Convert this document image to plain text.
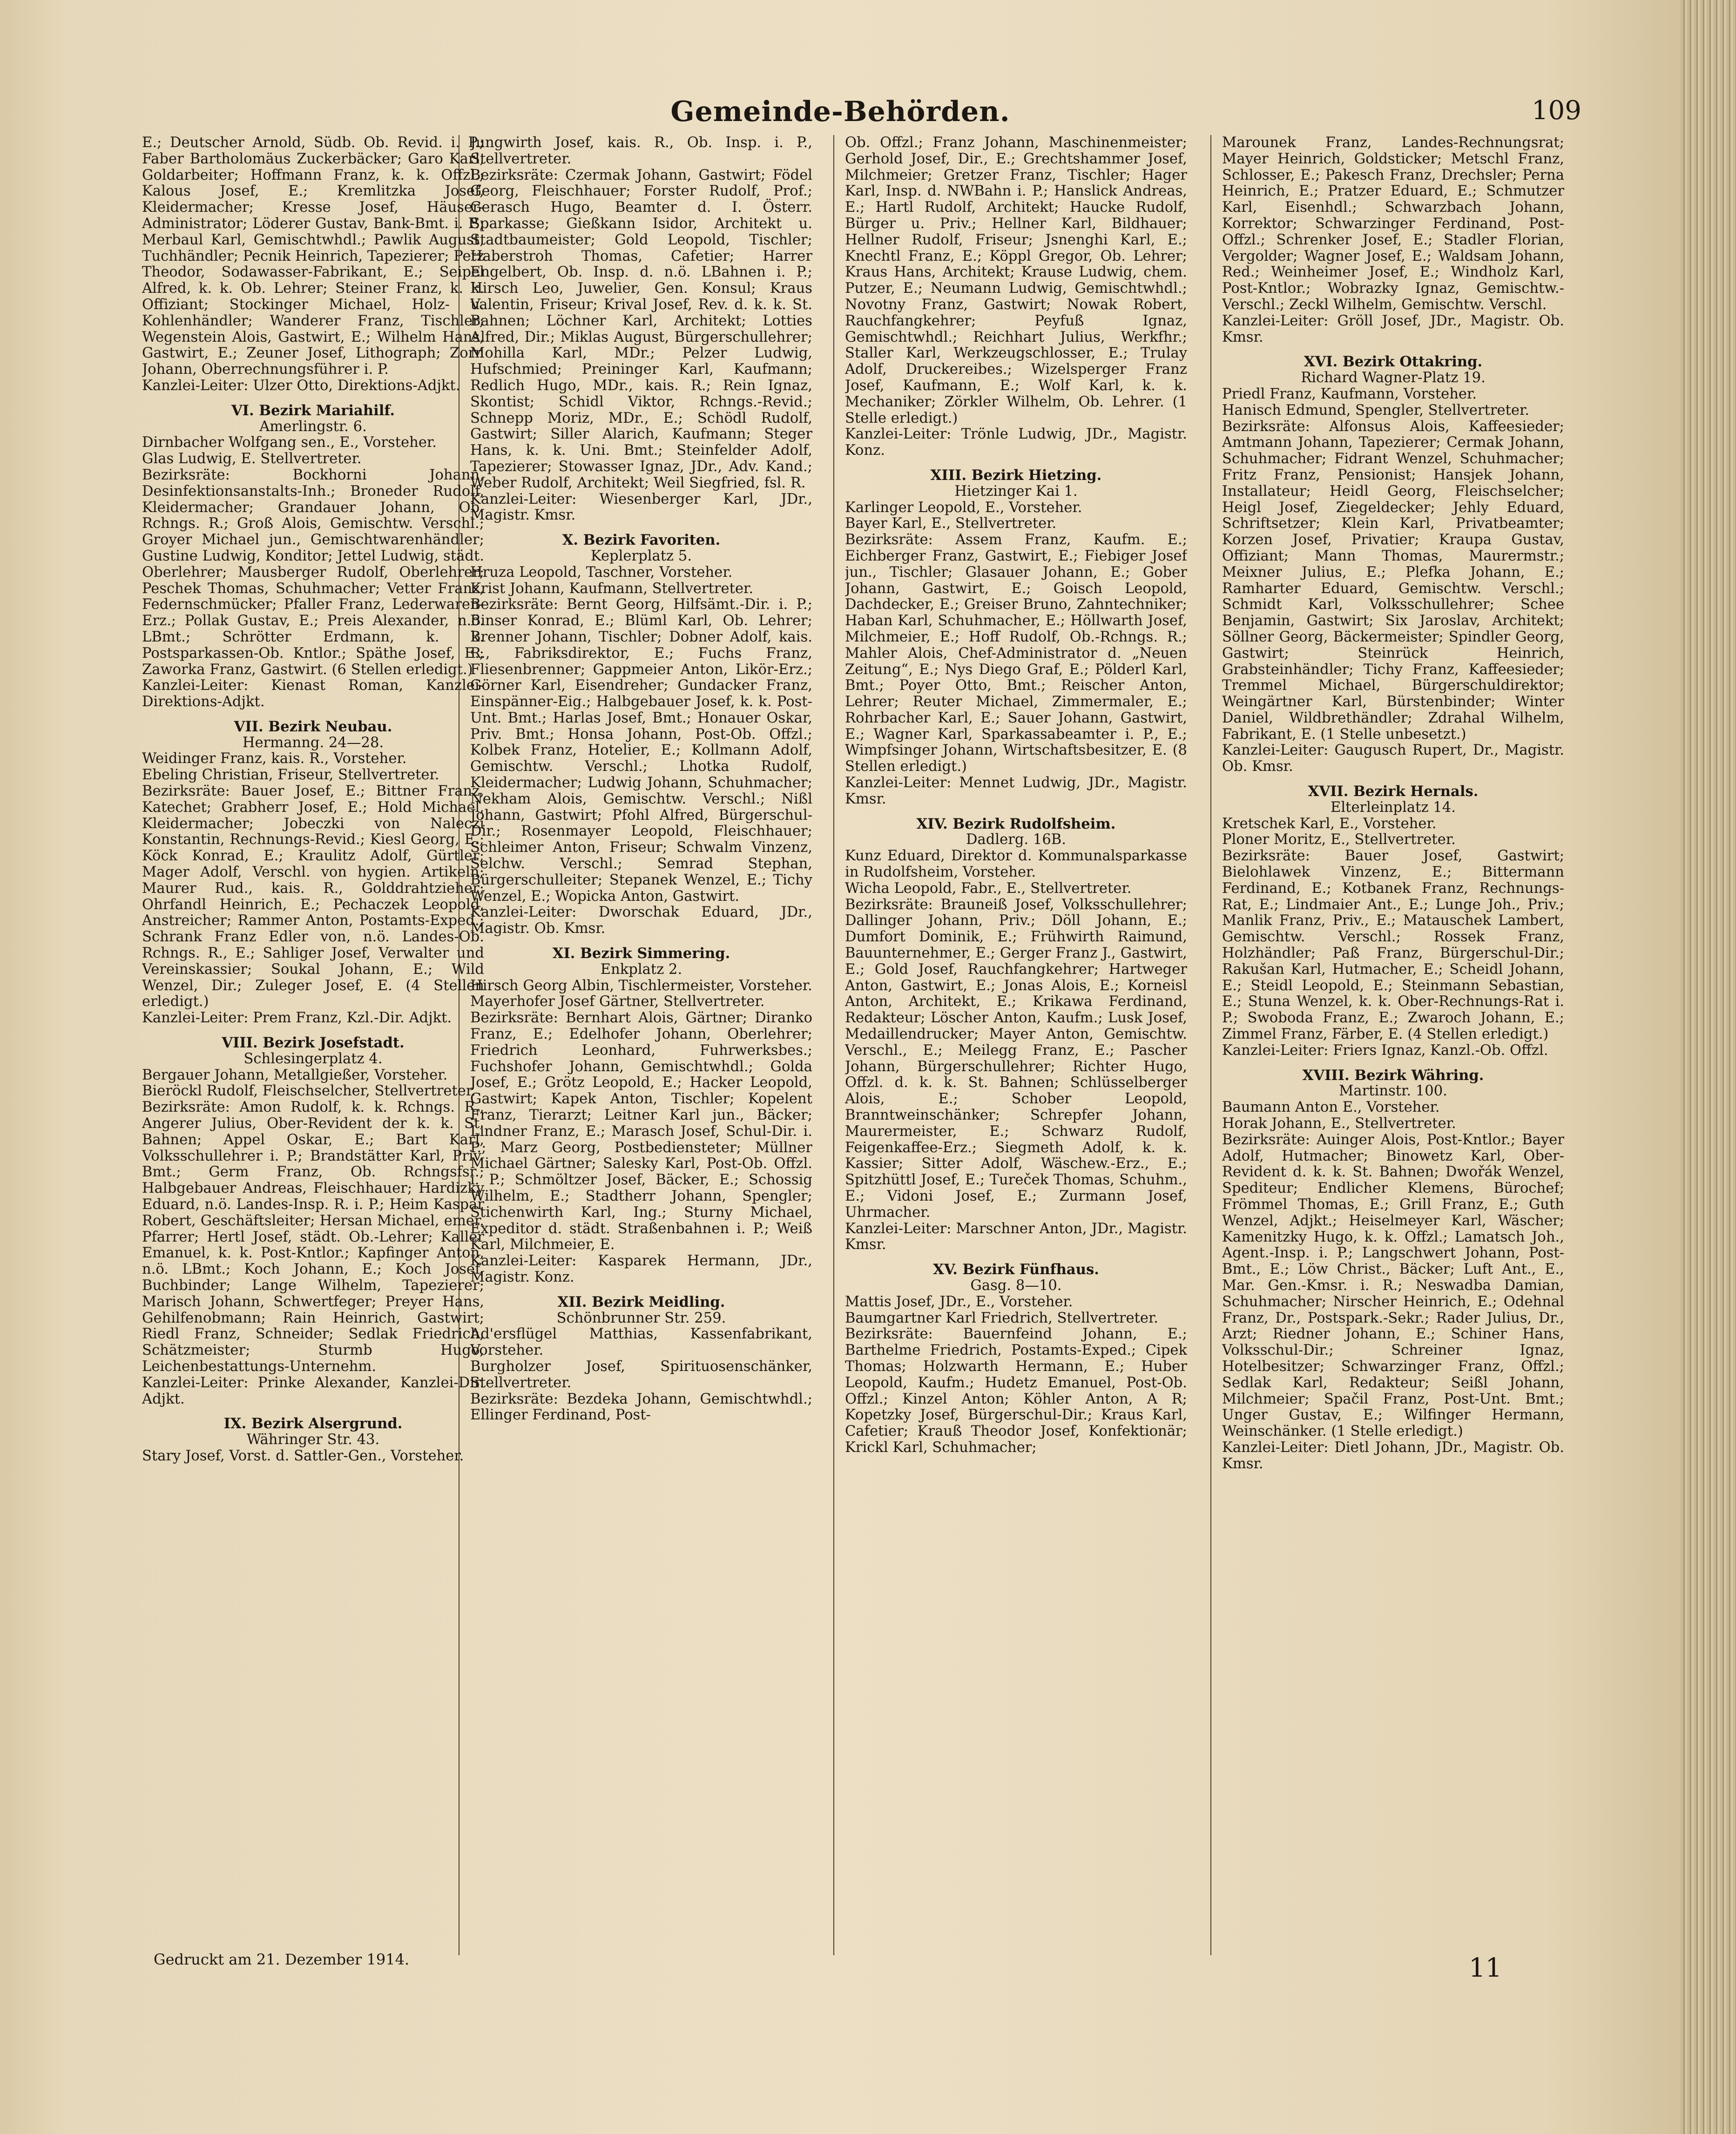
Gemeinde-Behörden.	109
E.; Deutscher Arnold, Südb. Ob. Revid. i. P.; Faber Bartholomäus Zuckerbäcker; Garo Karl, Goldarbeiter; Hoffmann Franz, k. k. Offzl.; Kalous Josef, E.; Kremlitzka Josef, Kleidermacher; Kresse Josef, Häuser-Administrator; Löderer Gustav, Bank-Bmt. i. P.; Merbaul Karl, Gemischtwhdl.; Pawlik August, Tuchhändler; Pecnik Heinrich, Tapezierer; Petz Theodor, Sodawasser-Fabrikant, E.; Seipel Alfred, k. k. Ob. Lehrer; Steiner Franz, k. k. Offiziant; Stockinger Michael, Holz- u. Kohlenhändler; Wanderer Franz, Tischler; Wegenstein Alois, Gastwirt, E.; Wilhelm Hans, Gastwirt, E.; Zeuner Josef, Lithograph; Zorn Johann, Oberrechnungsführer i. P.
Kanzlei-Leiter: Ulzer Otto, Direktions-Adjkt.
VI. Bezirk Mariahilf.
Amerlingstr. 6.
Dirnbacher Wolfgang sen., E., Vorsteher.
Glas Ludwig, E. Stellvertreter.
Bezirksräte: Bockhorni Johann, Desinfektionsanstalts-Inh.; Broneder Rudolf, Kleidermacher; Grandauer Johann, Ob. Rchngs. R.; Groß Alois, Gemischtw. Verschl.; Groyer Michael jun., Gemischtwarenhändler; Gustine Ludwig, Konditor; Jettel Ludwig, städt. Oberlehrer; Mausberger Rudolf, Oberlehrer; Peschek Thomas, Schuhmacher; Vetter Franz, Federnschmücker; Pfaller Franz, Lederwaren-Erz.; Pollak Gustav, E.; Preis Alexander, n.ö. LBmt.; Schrötter Erdmann, k. k. Postsparkassen-Ob. Kntlor.; Späthe Josef, E.; Zaworka Franz, Gastwirt. (6 Stellen erledigt.)
Kanzlei-Leiter: Kienast Roman, Kanzlei-Direktions-Adjkt.
VII. Bezirk Neubau.
Hermanng. 24—28.
Weidinger Franz, kais. R., Vorsteher.
Ebeling Christian, Friseur, Stellvertreter.
Bezirksräte: Bauer Josef, E.; Bittner Franz, Katechet; Grabherr Josef, E.; Hold Michael, Kleidermacher; Jobeczki von Naleczi Konstantin, Rechnungs-Revid.; Kiesl Georg, E.; Köck Konrad, E.; Kraulitz Adolf, Gürtler; Mager Adolf, Verschl. von hygien. Artikeln; Maurer Rud., kais. R., Golddrahtzieher; Ohrfandl Heinrich, E.; Pechaczek Leopold, Anstreicher; Rammer Anton, Postamts-Exped.; Schrank Franz Edler von, n.ö. Landes-Ob. Rchngs. R., E.; Sahliger Josef, Verwalter und Vereinskassier; Soukal Johann, E.; Wild Wenzel, Dir.; Zuleger Josef, E. (4 Stellen erledigt.)
Kanzlei-Leiter: Prem Franz, Kzl.-Dir. Adjkt.
VIII. Bezirk Josefstadt.
Schlesingerplatz 4.
Bergauer Johann, Metallgießer, Vorsteher.
Bieröckl Rudolf, Fleischselcher, Stellvertreter.
Bezirksräte: Amon Rudolf, k. k. Rchngs. R., Angerer Julius, Ober-Revident der k. k. St. Bahnen; Appel Oskar, E.; Bart Karl, Volksschullehrer i. P.; Brandstätter Karl, Priv. Bmt.; Germ Franz, Ob. Rchngsfsr.; Halbgebauer Andreas, Fleischhauer; Hardizky Eduard, n.ö. Landes-Insp. R. i. P.; Heim Kaspar Robert, Geschäftsleiter; Hersan Michael, emer. Pfarrer; Hertl Josef, städt. Ob.-Lehrer; Kaller Emanuel, k. k. Post-Kntlor.; Kapfinger Anton, n.ö. LBmt.; Koch Johann, E.; Koch Josef, Buchbinder; Lange Wilhelm, Tapezierer; Marisch Johann, Schwertfeger; Preyer Hans, Gehilfenobmann; Rain Heinrich, Gastwirt; Riedl Franz, Schneider; Sedlak Friedrich, Schätzmeister; Sturmb Hugo, Leichenbestattungs-Unternehm.
Kanzlei-Leiter: Prinke Alexander, Kanzlei-Dir. Adjkt.
IX. Bezirk Alsergrund.
Währinger Str. 43.
Stary Josef, Vorst. d. Sattler-Gen., Vorsteher.
Jungwirth Josef, kais. R., Ob. Insp. i. P., Stellvertreter.
Bezirksräte: Czermak Johann, Gastwirt; Födel Georg, Fleischhauer; Forster Rudolf, Prof.; Gerasch Hugo, Beamter d. I. Österr. Sparkasse; Gießkann Isidor, Architekt u. Stadtbaumeister; Gold Leopold, Tischler; Haberstroh Thomas, Cafetier; Harrer Engelbert, Ob. Insp. d. n.ö. LBahnen i. P.; Hirsch Leo, Juwelier, Gen. Konsul; Kraus Valentin, Friseur; Krival Josef, Rev. d. k. k. St. Bahnen; Löchner Karl, Architekt; Lotties Alfred, Dir.; Miklas August, Bürgerschullehrer; Mohilla Karl, MDr.; Pelzer Ludwig, Hufschmied; Preininger Karl, Kaufmann; Redlich Hugo, MDr., kais. R.; Rein Ignaz, Skontist; Schidl Viktor, Rchngs.-Revid.; Schnepp Moriz, MDr., E.; Schödl Rudolf, Gastwirt; Siller Alarich, Kaufmann; Steger Hans, k. k. Uni. Bmt.; Steinfelder Adolf, Tapezierer; Stowasser Ignaz, JDr., Adv. Kand.; Weber Rudolf, Architekt; Weil Siegfried, fsl. R.
Kanzlei-Leiter: Wiesenberger Karl, JDr., Magistr. Kmsr.
X. Bezirk Favoriten.
Keplerplatz 5.
Hruza Leopold, Taschner, Vorsteher.
Krist Johann, Kaufmann, Stellvertreter.
Bezirksräte: Bernt Georg, Hilfsämt.-Dir. i. P.; Binser Konrad, E.; Blüml Karl, Ob. Lehrer; Brenner Johann, Tischler; Dobner Adolf, kais. R., Fabriksdirektor, E.; Fuchs Franz, Fliesenbrenner; Gappmeier Anton, Likör-Erz.; Görner Karl, Eisendreher; Gundacker Franz, Einspänner-Eig.; Halbgebauer Josef, k. k. Post-Unt. Bmt.; Harlas Josef, Bmt.; Honauer Oskar, Priv. Bmt.; Honsa Johann, Post-Ob. Offzl.; Kolbek Franz, Hotelier, E.; Kollmann Adolf, Gemischtw. Verschl.; Lhotka Rudolf, Kleidermacher; Ludwig Johann, Schuhmacher; Nekham Alois, Gemischtw. Verschl.; Nißl Johann, Gastwirt; Pfohl Alfred, Bürgerschul-Dir.; Rosenmayer Leopold, Fleischhauer; Schleimer Anton, Friseur; Schwalm Vinzenz, Selchw. Verschl.; Semrad Stephan, Bürgerschulleiter; Stepanek Wenzel, E.; Tichy Wenzel, E.; Wopicka Anton, Gastwirt.
Kanzlei-Leiter: Dworschak Eduard, JDr., Magistr. Ob. Kmsr.
XI. Bezirk Simmering.
Enkplatz 2.
Hirsch Georg Albin, Tischlermeister, Vorsteher.
Mayerhofer Josef Gärtner, Stellvertreter.
Bezirksräte: Bernhart Alois, Gärtner; Diranko Franz, E.; Edelhofer Johann, Oberlehrer; Friedrich Leonhard, Fuhrwerksbes.; Fuchshofer Johann, Gemischtwhdl.; Golda Josef, E.; Grötz Leopold, E.; Hacker Leopold, Gastwirt; Kapek Anton, Tischler; Kopelent Franz, Tierarzt; Leitner Karl jun., Bäcker; Lindner Franz, E.; Marasch Josef, Schul-Dir. i. P.; Marz Georg, Postbediensteter; Müllner Michael Gärtner; Salesky Karl, Post-Ob. Offzl. i. P.; Schmöltzer Josef, Bäcker, E.; Schossig Wilhelm, E.; Stadtherr Johann, Spengler; Stichenwirth Karl, Ing.; Sturny Michael, Expeditor d. städt. Straßenbahnen i. P.; Weiß Karl, Milchmeier, E.
Kanzlei-Leiter: Kasparek Hermann, JDr., Magistr. Konz.
XII. Bezirk Meidling.
Schönbrunner Str. 259.
Ad'ersflügel Matthias, Kassenfabrikant, Vorsteher.
Burgholzer Josef, Spirituosenschänker, Stellvertreter.
Bezirksräte: Bezdeka Johann, Gemischtwhdl.; Ellinger Ferdinand, Post-
Ob. Offzl.; Franz Johann, Maschinenmeister; Gerhold Josef, Dir., E.; Grechtshammer Josef, Milchmeier; Gretzer Franz, Tischler; Hager Karl, Insp. d. NWBahn i. P.; Hanslick Andreas, E.; Hartl Rudolf, Architekt; Haucke Rudolf, Bürger u. Priv.; Hellner Karl, Bildhauer; Hellner Rudolf, Friseur; Jsnenghi Karl, E.; Knechtl Franz, E.; Köppl Gregor, Ob. Lehrer; Kraus Hans, Architekt; Krause Ludwig, chem. Putzer, E.; Neumann Ludwig, Gemischtwhdl.; Novotny Franz, Gastwirt; Nowak Robert, Rauchfangkehrer; Peyfuß Ignaz, Gemischtwhdl.; Reichhart Julius, Werkfhr.; Staller Karl, Werkzeugschlosser, E.; Trulay Adolf, Druckereibes.; Wizelsperger Franz Josef, Kaufmann, E.; Wolf Karl, k. k. Mechaniker; Zörkler Wilhelm, Ob. Lehrer. (1 Stelle erledigt.)
Kanzlei-Leiter: Trönle Ludwig, JDr., Magistr. Konz.
XIII. Bezirk Hietzing.
Hietzinger Kai 1.
Karlinger Leopold, E., Vorsteher.
Bayer Karl, E., Stellvertreter.
Bezirksräte: Assem Franz, Kaufm. E.; Eichberger Franz, Gastwirt, E.; Fiebiger Josef jun., Tischler; Glasauer Johann, E.; Gober Johann, Gastwirt, E.; Goisch Leopold, Dachdecker, E.; Greiser Bruno, Zahntechniker; Haban Karl, Schuhmacher, E.; Höllwarth Josef, Milchmeier, E.; Hoff Rudolf, Ob.-Rchngs. R.; Mahler Alois, Chef-Administrator d. „Neuen Zeitung“, E.; Nys Diego Graf, E.; Pölderl Karl, Bmt.; Poyer Otto, Bmt.; Reischer Anton, Lehrer; Reuter Michael, Zimmermaler, E.; Rohrbacher Karl, E.; Sauer Johann, Gastwirt, E.; Wagner Karl, Sparkassabeamter i. P., E.; Wimpfsinger Johann, Wirtschaftsbesitzer, E. (8 Stellen erledigt.)
Kanzlei-Leiter: Mennet Ludwig, JDr., Magistr. Kmsr.
XIV. Bezirk Rudolfsheim.
Dadlerg. 16B.
Kunz Eduard, Direktor d. Kommunalsparkasse in Rudolfsheim, Vorsteher.
Wicha Leopold, Fabr., E., Stellvertreter.
Bezirksräte: Brauneiß Josef, Volksschullehrer; Dallinger Johann, Priv.; Döll Johann, E.; Dumfort Dominik, E.; Frühwirth Raimund, Bauunternehmer, E.; Gerger Franz J., Gastwirt, E.; Gold Josef, Rauchfangkehrer; Hartweger Anton, Gastwirt, E.; Jonas Alois, E.; Korneisl Anton, Architekt, E.; Krikawa Ferdinand, Redakteur; Löscher Anton, Kaufm.; Lusk Josef, Medaillendrucker; Mayer Anton, Gemischtw. Verschl., E.; Meilegg Franz, E.; Pascher Johann, Bürgerschullehrer; Richter Hugo, Offzl. d. k. k. St. Bahnen; Schlüsselberger Alois, E.; Schober Leopold, Branntweinschänker; Schrepfer Johann, Maurermeister, E.; Schwarz Rudolf, Feigenkaffee-Erz.; Siegmeth Adolf, k. k. Kassier; Sitter Adolf, Wäschew.-Erz., E.; Spitzhüttl Josef, E.; Tureček Thomas, Schuhm., E.; Vidoni Josef, E.; Zurmann Josef, Uhrmacher.
Kanzlei-Leiter: Marschner Anton, JDr., Magistr. Kmsr.
XV. Bezirk Fünfhaus.
Gasg. 8—10.
Mattis Josef, JDr., E., Vorsteher.
Baumgartner Karl Friedrich, Stellvertreter.
Bezirksräte: Bauernfeind Johann, E.; Barthelme Friedrich, Postamts-Exped.; Cipek Thomas; Holzwarth Hermann, E.; Huber Leopold, Kaufm.; Hudetz Emanuel, Post-Ob. Offzl.; Kinzel Anton; Köhler Anton, A R; Kopetzky Josef, Bürgerschul-Dir.; Kraus Karl, Cafetier; Krauß Theodor Josef, Konfektionär; Krickl Karl, Schuhmacher;
Marounek Franz, Landes-Rechnungsrat; Mayer Heinrich, Goldsticker; Metschl Franz, Schlosser, E.; Pakesch Franz, Drechsler; Perna Heinrich, E.; Pratzer Eduard, E.; Schmutzer Karl, Eisenhdl.; Schwarzbach Johann, Korrektor; Schwarzinger Ferdinand, Post-Offzl.; Schrenker Josef, E.; Stadler Florian, Vergolder; Wagner Josef, E.; Waldsam Johann, Red.; Weinheimer Josef, E.; Windholz Karl, Post-Kntlor.; Wobrazky Ignaz, Gemischtw.-Verschl.; Zeckl Wilhelm, Gemischtw. Verschl.
Kanzlei-Leiter: Gröll Josef, JDr., Magistr. Ob. Kmsr.
XVI. Bezirk Ottakring.
Richard Wagner-Platz 19.
Priedl Franz, Kaufmann, Vorsteher.
Hanisch Edmund, Spengler, Stellvertreter.
Bezirksräte: Alfonsus Alois, Kaffeesieder; Amtmann Johann, Tapezierer; Cermak Johann, Schuhmacher; Fidrant Wenzel, Schuhmacher; Fritz Franz, Pensionist; Hansjek Johann, Installateur; Heidl Georg, Fleischselcher; Heigl Josef, Ziegeldecker; Jehly Eduard, Schriftsetzer; Klein Karl, Privatbeamter; Korzen Josef, Privatier; Kraupa Gustav, Offiziant; Mann Thomas, Maurermstr.; Meixner Julius, E.; Plefka Johann, E.; Ramharter Eduard, Gemischtw. Verschl.; Schmidt Karl, Volksschullehrer; Schee Benjamin, Gastwirt; Six Jaroslav, Architekt; Söllner Georg, Bäckermeister; Spindler Georg, Gastwirt; Steinrück Heinrich, Grabsteinhändler; Tichy Franz, Kaffeesieder; Tremmel Michael, Bürgerschuldirektor; Weingärtner Karl, Bürstenbinder; Winter Daniel, Wildbrethändler; Zdrahal Wilhelm, Fabrikant, E. (1 Stelle unbesetzt.)
Kanzlei-Leiter: Gaugusch Rupert, Dr., Magistr. Ob. Kmsr.
XVII. Bezirk Hernals.
Elterleinplatz 14.
Kretschek Karl, E., Vorsteher.
Ploner Moritz, E., Stellvertreter.
Bezirksräte: Bauer Josef, Gastwirt; Bielohlawek Vinzenz, E.; Bittermann Ferdinand, E.; Kotbanek Franz, Rechnungs-Rat, E.; Lindmaier Ant., E.; Lunge Joh., Priv.; Manlik Franz, Priv., E.; Matauschek Lambert, Gemischtw. Verschl.; Rossek Franz, Holzhändler; Paß Franz, Bürgerschul-Dir.; Rakušan Karl, Hutmacher, E.; Scheidl Johann, E.; Steidl Leopold, E.; Steinmann Sebastian, E.; Stuna Wenzel, k. k. Ober-Rechnungs-Rat i. P.; Swoboda Franz, E.; Zwaroch Johann, E.; Zimmel Franz, Färber, E. (4 Stellen erledigt.)
Kanzlei-Leiter: Friers Ignaz, Kanzl.-Ob. Offzl.
XVIII. Bezirk Währing.
Martinstr. 100.
Baumann Anton E., Vorsteher.
Horak Johann, E., Stellvertreter.
Bezirksräte: Auinger Alois, Post-Kntlor.; Bayer Adolf, Hutmacher; Binowetz Karl, Ober-Revident d. k. k. St. Bahnen; Dwořák Wenzel, Spediteur; Endlicher Klemens, Bürochef; Frömmel Thomas, E.; Grill Franz, E.; Guth Wenzel, Adjkt.; Heiselmeyer Karl, Wäscher; Kamenitzky Hugo, k. k. Offzl.; Lamatsch Joh., Agent.-Insp. i. P.; Langschwert Johann, Post-Bmt., E.; Löw Christ., Bäcker; Luft Ant., E., Mar. Gen.-Kmsr. i. R.; Neswadba Damian, Schuhmacher; Nirscher Heinrich, E.; Odehnal Franz, Dr., Postspark.-Sekr.; Rader Julius, Dr., Arzt; Riedner Johann, E.; Schiner Hans, Volksschul-Dir.; Schreiner Ignaz, Hotelbesitzer; Schwarzinger Franz, Offzl.; Sedlak Karl, Redakteur; Seißl Johann, Milchmeier; Spačil Franz, Post-Unt. Bmt.; Unger Gustav, E.; Wilfinger Hermann, Weinschänker. (1 Stelle erledigt.)
Kanzlei-Leiter: Dietl Johann, JDr., Magistr. Ob. Kmsr.
Gedruckt am 21. Dezember 1914.	11
